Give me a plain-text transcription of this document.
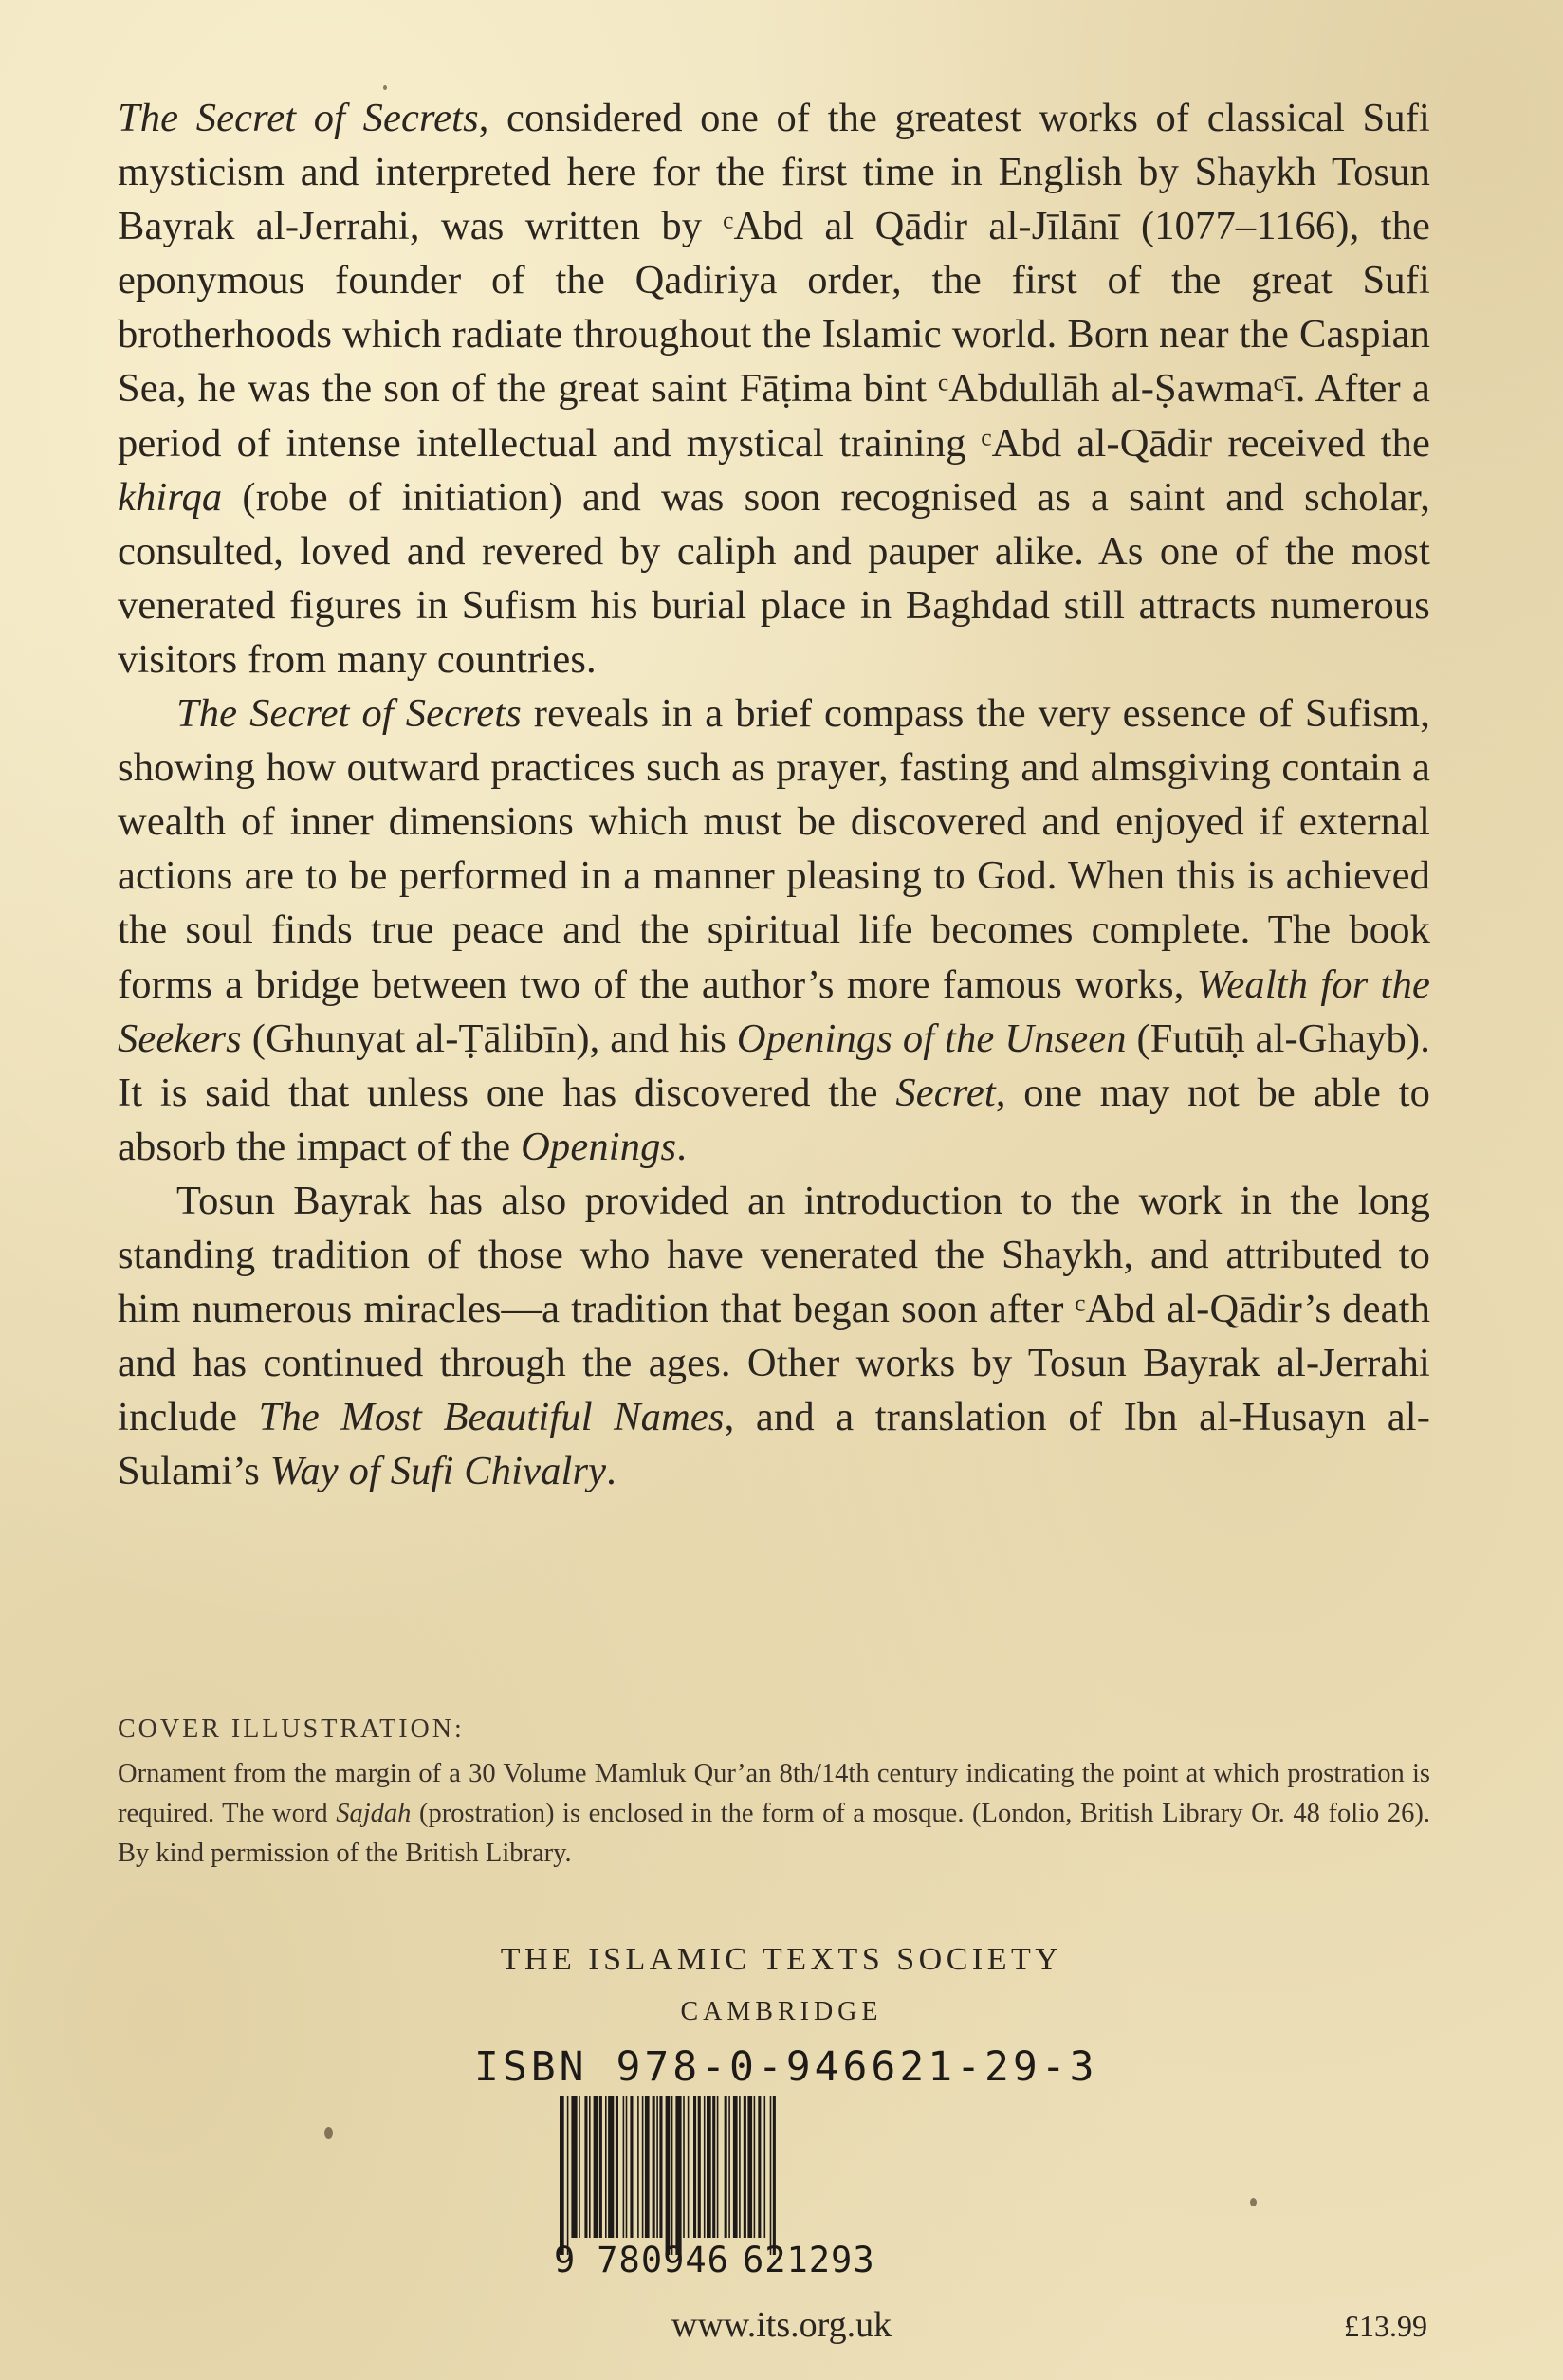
The Secret of Secrets, considered one of the greatest works of classical Sufi mysticism and interpreted here for the first time in English by Shaykh Tosun Bayrak al-Jerrahi, was written by ᶜAbd al Qādir al-Jīlānī (1077–1166), the eponymous founder of the Qadiriya order, the first of the great Sufi brotherhoods which radiate throughout the Islamic world. Born near the Caspian Sea, he was the son of the great saint Fāṭima bint ᶜAbdullāh al-Ṣawmaᶜī. After a period of intense intellectual and mystical training ᶜAbd al-Qādir received the khirqa (robe of initiation) and was soon recognised as a saint and scholar, consulted, loved and revered by caliph and pauper alike. As one of the most venerated figures in Sufism his burial place in Baghdad still attracts numerous visitors from many countries.

The Secret of Secrets reveals in a brief compass the very essence of Sufism, showing how outward practices such as prayer, fasting and almsgiving contain a wealth of inner dimensions which must be discovered and enjoyed if external actions are to be performed in a manner pleasing to God. When this is achieved the soul finds true peace and the spiritual life becomes complete. The book forms a bridge between two of the author’s more famous works, Wealth for the Seekers (Ghunyat al-Ṭālibīn), and his Openings of the Unseen (Futūḥ al-Ghayb). It is said that unless one has discovered the Secret, one may not be able to absorb the impact of the Openings.

Tosun Bayrak has also provided an introduction to the work in the long standing tradition of those who have venerated the Shaykh, and attributed to him numerous miracles—a tradition that began soon after ᶜAbd al-Qādir’s death and has continued through the ages. Other works by Tosun Bayrak al-Jerrahi include The Most Beautiful Names, and a translation of Ibn al-Husayn al-Sulami’s Way of Sufi Chivalry.

COVER ILLUSTRATION:
Ornament from the margin of a 30 Volume Mamluk Qur’an 8th/14th century indicating the point at which prostration is required. The word Sajdah (prostration) is enclosed in the form of a mosque. (London, British Library Or. 48 folio 26). By kind permission of the British Library.
THE ISLAMIC TEXTS SOCIETY
CAMBRIDGE
ISBN 978-0-946621-29-3
9 780946 621293
www.its.org.uk	£13.99
